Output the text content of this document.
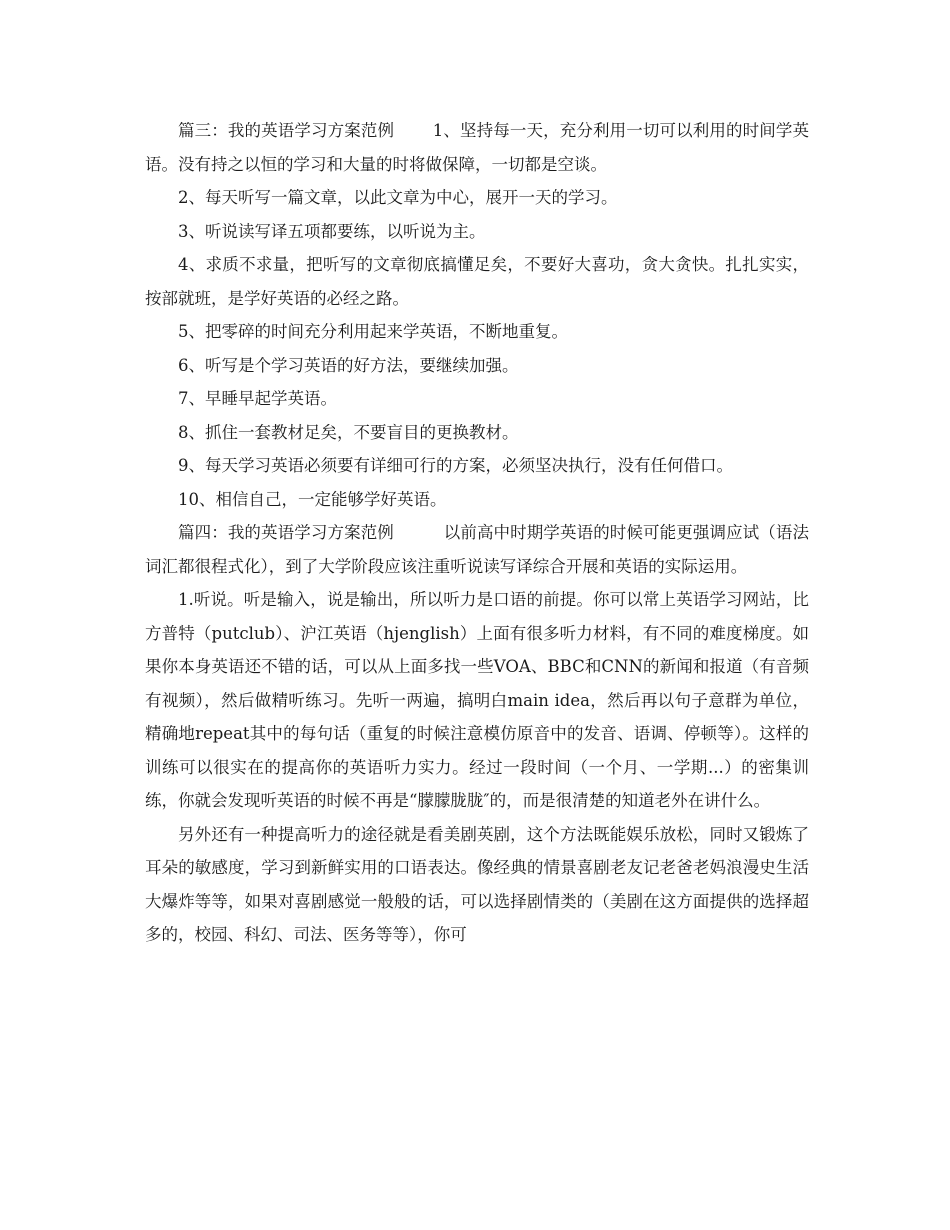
篇三：我的英语学习方案范例　　 1、坚持每一天，充分利用一切可以利用的时间学英语。没有持之以恒的学习和大量的时将做保障，一切都是空谈。

2、每天听写一篇文章，以此文章为中心，展开一天的学习。

3、听说读写译五项都要练，以听说为主。

4、求质不求量，把听写的文章彻底搞懂足矣，不要好大喜功，贪大贪快。扎扎实实，按部就班，是学好英语的必经之路。

5、把零碎的时间充分利用起来学英语，不断地重复。

6、听写是个学习英语的好方法，要继续加强。

7、早睡早起学英语。

8、抓住一套教材足矣，不要盲目的更换教材。

9、每天学习英语必须要有详细可行的方案，必须坚决执行，没有任何借口。

10、相信自己，一定能够学好英语。

篇四：我的英语学习方案范例　　　以前高中时期学英语的时候可能更强调应试（语法词汇都很程式化），到了大学阶段应该注重听说读写译综合开展和英语的实际运用。

1.听说。听是输入，说是输出，所以听力是口语的前提。你可以常上英语学习网站，比方普特（putclub）、沪江英语（hjenglish）上面有很多听力材料，有不同的难度梯度。如果你本身英语还不错的话，可以从上面多找一些VOA、BBC和CNN的新闻和报道（有音频有视频），然后做精听练习。先听一两遍，搞明白main idea，然后再以句子意群为单位，精确地repeat其中的每句话（重复的时候注意模仿原音中的发音、语调、停顿等）。这样的训练可以很实在的提高你的英语听力实力。经过一段时间（一个月、一学期...）的密集训练，你就会发现听英语的时候不再是“朦朦胧胧″的，而是很清楚的知道老外在讲什么。

另外还有一种提高听力的途径就是看美剧英剧，这个方法既能娱乐放松，同时又锻炼了耳朵的敏感度，学习到新鲜实用的口语表达。像经典的情景喜剧老友记老爸老妈浪漫史生活大爆炸等等，如果对喜剧感觉一般般的话，可以选择剧情类的（美剧在这方面提供的选择超多的，校园、科幻、司法、医务等等），你可
